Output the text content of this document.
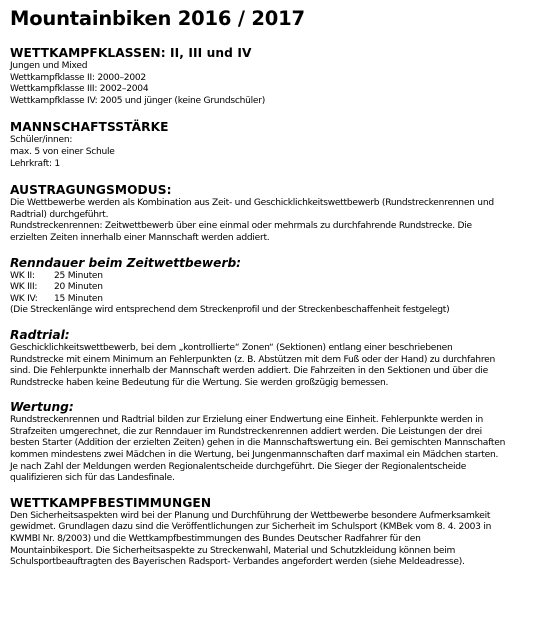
Mountainbiken 2016 / 2017
WETTKAMPFKLASSEN: II, III und IV

Jungen und Mixed

Wettkampfklasse II: 2000–2002

Wettkampfklasse III: 2002–2004

Wettkampfklasse IV: 2005 und jünger (keine Grundschüler)

MANNSCHAFTSSTÄRKE

Schüler/innen:

max. 5 von einer Schule

Lehrkraft: 1

AUSTRAGUNGSMODUS:

Die Wettbewerbe werden als Kombination aus Zeit- und Geschicklichkeitswettbewerb (Rundstreckenrennen und

Radtrial) durchgeführt.

Rundstreckenrennen: Zeitwettbewerb über eine einmal oder mehrmals zu durchfahrende Rundstrecke. Die

erzielten Zeiten innerhalb einer Mannschaft werden addiert.

Renndauer beim Zeitwettbewerb:
WK II:	25 Minuten
WK III:	20 Minuten
WK IV:	15 Minuten

(Die Streckenlänge wird entsprechend dem Streckenprofil und der Streckenbeschaffenheit festgelegt)

Radtrial:

Geschicklichkeitswettbewerb, bei dem „kontrollierte“ Zonen“ (Sektionen) entlang einer beschriebenen

Rundstrecke mit einem Minimum an Fehlerpunkten (z. B. Abstützen mit dem Fuß oder der Hand) zu durchfahren

sind. Die Fehlerpunkte innerhalb der Mannschaft werden addiert. Die Fahrzeiten in den Sektionen und über die

Rundstrecke haben keine Bedeutung für die Wertung. Sie werden großzügig bemessen.

Wertung:

Rundstreckenrennen und Radtrial bilden zur Erzielung einer Endwertung eine Einheit. Fehlerpunkte werden in

Strafzeiten umgerechnet, die zur Renndauer im Rundstreckenrennen addiert werden. Die Leistungen der drei

besten Starter (Addition der erzielten Zeiten) gehen in die Mannschaftswertung ein. Bei gemischten Mannschaften

kommen mindestens zwei Mädchen in die Wertung, bei Jungenmannschaften darf maximal ein Mädchen starten.

Je nach Zahl der Meldungen werden Regionalentscheide durchgeführt. Die Sieger der Regionalentscheide

qualifizieren sich für das Landesfinale.

WETTKAMPFBESTIMMUNGEN

Den Sicherheitsaspekten wird bei der Planung und Durchführung der Wettbewerbe besondere Aufmerksamkeit

gewidmet. Grundlagen dazu sind die Veröffentlichungen zur Sicherheit im Schulsport (KMBek vom 8. 4. 2003 in

KWMBl Nr. 8/2003) und die Wettkampfbestimmungen des Bundes Deutscher Radfahrer für den

Mountainbikesport. Die Sicherheitsaspekte zu Streckenwahl, Material und Schutzkleidung können beim

Schulsportbeauftragten des Bayerischen Radsport- Verbandes angefordert werden (siehe Meldeadresse).
